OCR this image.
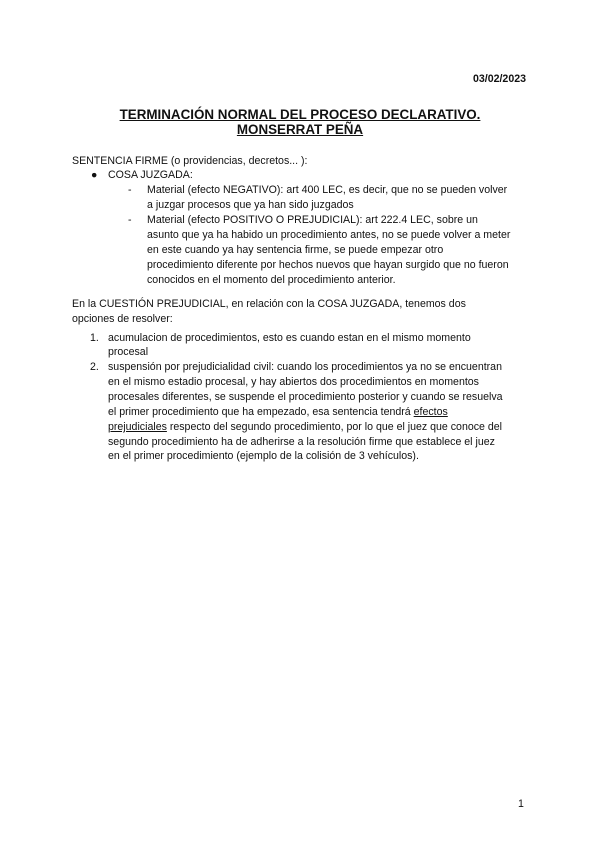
03/02/2023
TERMINACIÓN NORMAL DEL PROCESO DECLARATIVO.
MONSERRAT PEÑA
SENTENCIA FIRME (o providencias, decretos... ):
● COSA JUZGADA:
- Material (efecto NEGATIVO): art 400 LEC, es decir, que no se pueden volver
a juzgar procesos que ya han sido juzgados
- Material (efecto POSITIVO O PREJUDICIAL): art 222.4 LEC, sobre un
asunto que ya ha habido un procedimiento antes, no se puede volver a meter
en este cuando ya hay sentencia firme, se puede empezar otro
procedimiento diferente por hechos nuevos que hayan surgido que no fueron
conocidos en el momento del procedimiento anterior.
En la CUESTIÓN PREJUDICIAL, en relación con la COSA JUZGADA, tenemos dos
opciones de resolver:
1. acumulacion de procedimientos, esto es cuando estan en el mismo momento
procesal
2. suspensión por prejudicialidad civil: cuando los procedimientos ya no se encuentran
en el mismo estadio procesal, y hay abiertos dos procedimientos en momentos
procesales diferentes, se suspende el procedimiento posterior y cuando se resuelva
el primer procedimiento que ha empezado, esa sentencia tendrá efectos
prejudiciales respecto del segundo procedimiento, por lo que el juez que conoce del
segundo procedimiento ha de adherirse a la resolución firme que establece el juez
en el primer procedimiento (ejemplo de la colisión de 3 vehículos).
1
